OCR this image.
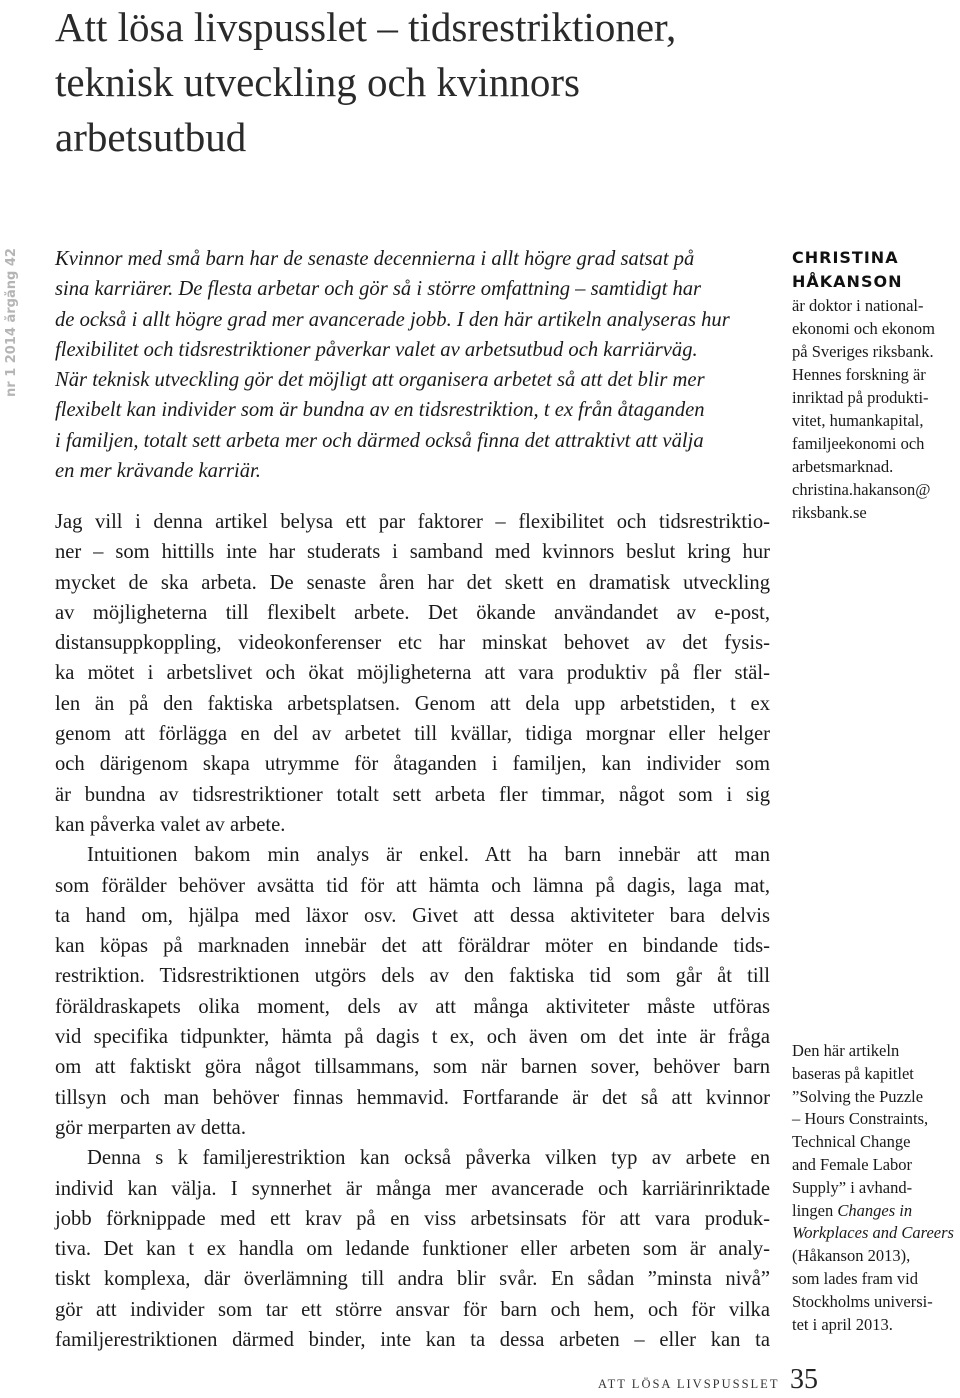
Att lösa livspusslet – tidsrestriktioner,
teknisk utveckling och kvinnors
arbetsutbud
nr 1 2014 årgång 42 Kvinnor med små barn har de senaste decennierna i allt högre grad satsat på
sina karriärer. De flesta arbetar och gör så i större omfattning – samtidigt har
de också i allt högre grad mer avancerade jobb. I den här artikeln analyseras hur
flexibilitet och tidsrestriktioner påverkar valet av arbetsutbud och karriärväg.
När teknisk utveckling gör det möjligt att organisera arbetet så att det blir mer
flexibelt kan individer som är bundna av en tidsrestriktion, t ex från åtaganden
i familjen, totalt sett arbeta mer och därmed också finna det attraktivt att välja
en mer krävande karriär.
Jag vill i denna artikel belysa ett par faktorer – flexibilitet och tidsrestriktio-
ner – som hittills inte har studerats i samband med kvinnors beslut kring hur
mycket de ska arbeta. De senaste åren har det skett en dramatisk utveckling
av möjligheterna till flexibelt arbete. Det ökande användandet av e-post,
distansuppkoppling, videokonferenser etc har minskat behovet av det fysis-
ka mötet i arbetslivet och ökat möjligheterna att vara produktiv på fler stäl-
len än på den faktiska arbetsplatsen. Genom att dela upp arbetstiden, t ex
genom att förlägga en del av arbetet till kvällar, tidiga morgnar eller helger
och därigenom skapa utrymme för åtaganden i familjen, kan individer som
är bundna av tidsrestriktioner totalt sett arbeta fler timmar, något som i sig
kan påverka valet av arbete.
Intuitionen bakom min analys är enkel. Att ha barn innebär att man
som förälder behöver avsätta tid för att hämta och lämna på dagis, laga mat,
ta hand om, hjälpa med läxor osv. Givet att dessa aktiviteter bara delvis
kan köpas på marknaden innebär det att föräldrar möter en bindande tids-
restriktion. Tidsrestriktionen utgörs dels av den faktiska tid som går åt till
föräldraskapets olika moment, dels av att många aktiviteter måste utföras
vid specifika tidpunkter, hämta på dagis t ex, och även om det inte är fråga
om att faktiskt göra något tillsammans, som när barnen sover, behöver barn
tillsyn och man behöver finnas hemmavid. Fortfarande är det så att kvinnor
gör merparten av detta.
Denna s k familjerestriktion kan också påverka vilken typ av arbete en
individ kan välja. I synnerhet är många mer avancerade och karriärinriktade
jobb förknippade med ett krav på en viss arbetsinsats för att vara produk-
tiva. Det kan t ex handla om ledande funktioner eller arbeten som är analy-
tiskt komplexa, där överlämning till andra blir svår. En sådan ”minsta nivå”
gör att individer som tar ett större ansvar för barn och hem, och för vilka
familjerestriktionen därmed binder, inte kan ta dessa arbeten – eller kan ta
CHRISTINA
HÅKANSON
är doktor i national-
ekonomi och ekonom
på Sveriges riksbank.
Hennes forskning är
inriktad på produkti-
vitet, humankapital,
familjeekonomi och
arbetsmarknad.
christina.hakanson@
riksbank.se
Den här artikeln
baseras på kapitlet
”Solving the Puzzle
– Hours Constraints,
Technical Change
and Female Labor
Supply” i avhand-
lingen Changes in
Workplaces and Careers
(Håkanson 2013),
som lades fram vid
Stockholms universi-
tet i april 2013.
ATT LÖSA LIVSPUSSLET 35
